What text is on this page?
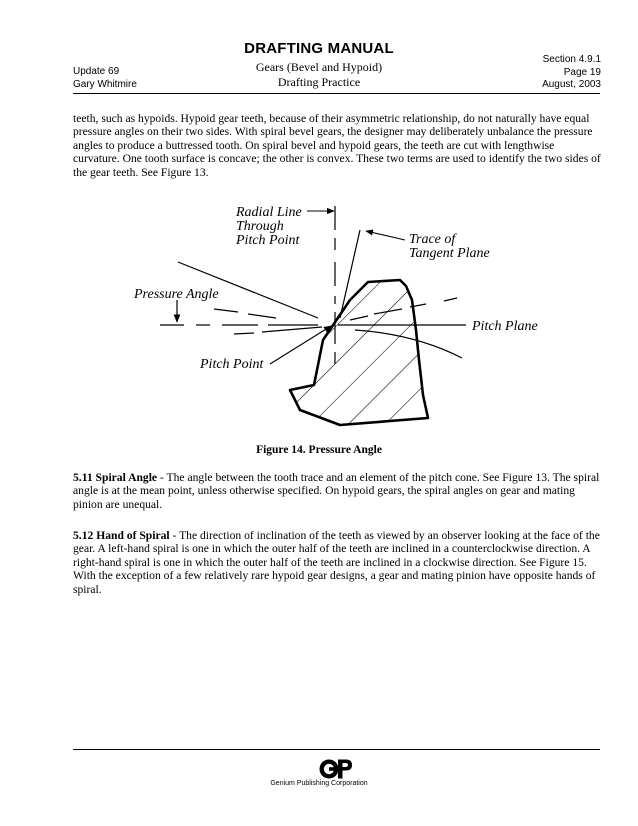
DRAFTING MANUAL
Gears (Bevel and Hypoid)
Drafting Practice
Update 69
Gary Whitmire
Section 4.9.1
Page 19
August, 2003

teeth, such as hypoids. Hypoid gear teeth, because of their asymmetric relationship, do not naturally have equal pressure angles on their two sides. With spiral bevel gears, the designer may deliberately unbalance the pressure angles to produce a buttressed tooth. On spiral bevel and hypoid gears, the teeth are cut with lengthwise curvature. One tooth surface is concave; the other is convex. These two terms are used to identify the two sides of the gear teeth. See Figure 13.

Radial Line
Through
Pitch Point	Trace of
Tangent Plane
Pressure Angle
Pitch Plane
Pitch Point
Figure 14. Pressure Angle

5.11 Spiral Angle - The angle between the tooth trace and an element of the pitch cone. See Figure 13. The spiral angle is at the mean point, unless otherwise specified. On hypoid gears, the spiral angles on gear and mating pinion are unequal.

5.12 Hand of Spiral - The direction of inclination of the teeth as viewed by an observer looking at the face of the gear. A left-hand spiral is one in which the outer half of the teeth are inclined in a counterclockwise direction. A right-hand spiral is one in which the outer half of the teeth are inclined in a clockwise direction. See Figure 15. With the exception of a few relatively rare hypoid gear designs, a gear and mating pinion have opposite hands of spiral.

Genium Publishing Corporation
